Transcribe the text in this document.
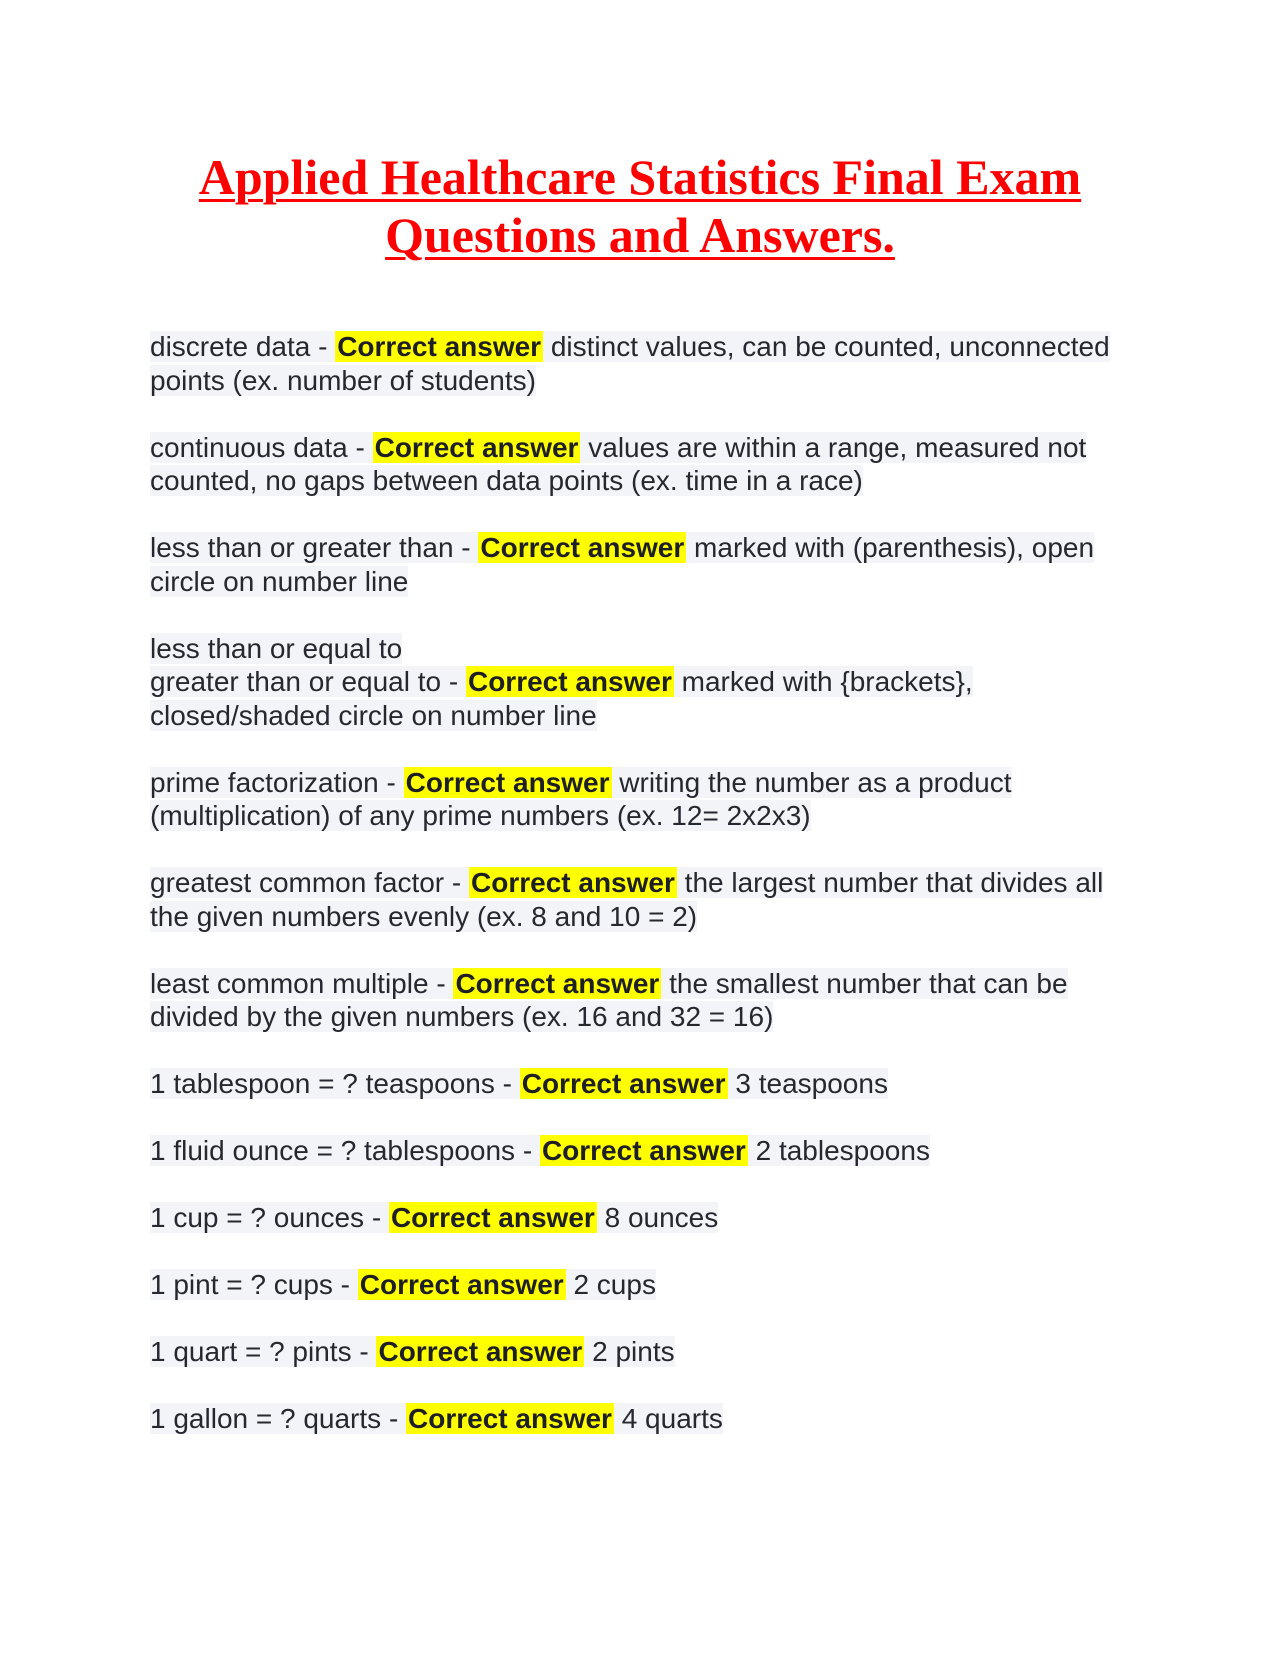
Applied Healthcare Statistics Final Exam
Questions and Answers.

discrete data - Correct answer distinct values, can be counted, unconnected points (ex. number of students)

continuous data - Correct answer values are within a range, measured not counted, no gaps between data points (ex. time in a race)

less than or greater than - Correct answer marked with (parenthesis), open circle on number line

less than or equal to
greater than or equal to - Correct answer marked with {brackets}, closed/shaded circle on number line

prime factorization - Correct answer writing the number as a product (multiplication) of any prime numbers (ex. 12= 2x2x3)

greatest common factor - Correct answer the largest number that divides all the given numbers evenly (ex. 8 and 10 = 2)

least common multiple - Correct answer the smallest number that can be divided by the given numbers (ex. 16 and 32 = 16)

1 tablespoon = ? teaspoons - Correct answer 3 teaspoons

1 fluid ounce = ? tablespoons - Correct answer 2 tablespoons

1 cup = ? ounces - Correct answer 8 ounces

1 pint = ? cups - Correct answer 2 cups

1 quart = ? pints - Correct answer 2 pints

1 gallon = ? quarts - Correct answer 4 quarts
